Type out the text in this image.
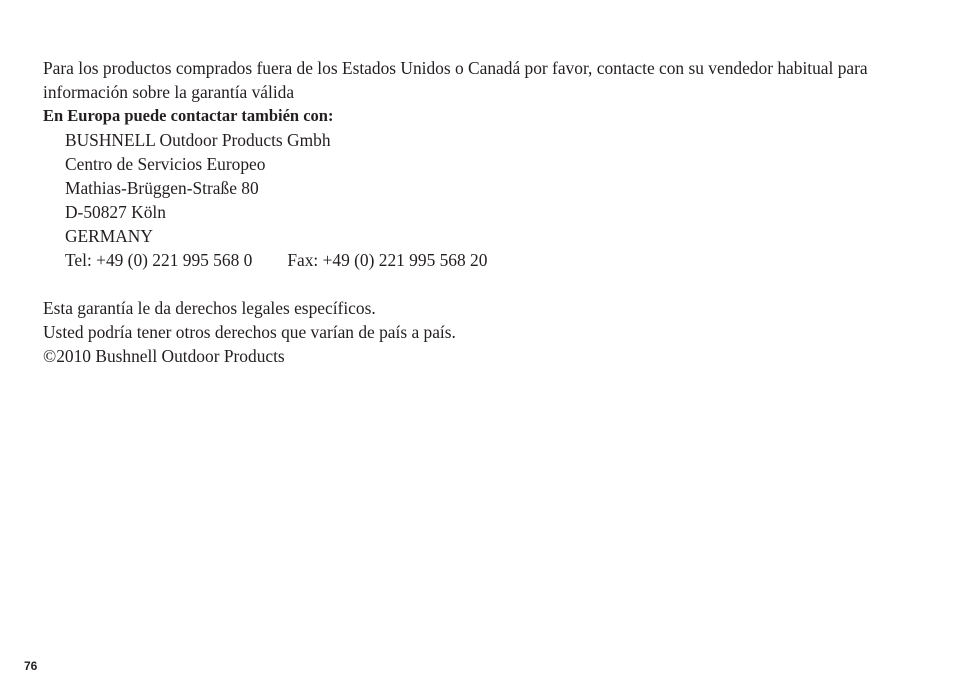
Para los productos comprados fuera de los Estados Unidos o Canadá por favor, contacte con su vendedor habitual para información sobre la garantía válida
En Europa puede contactar también con:
BUSHNELL Outdoor Products Gmbh
Centro de Servicios Europeo
Mathias-Brüggen-Straße 80
D-50827 Köln
GERMANY
Tel: +49 (0) 221 995 568 0 Fax: +49 (0) 221 995 568 20
Esta garantía le da derechos legales específicos.
Usted podría tener otros derechos que varían de país a país.
©2010 Bushnell Outdoor Products
76
